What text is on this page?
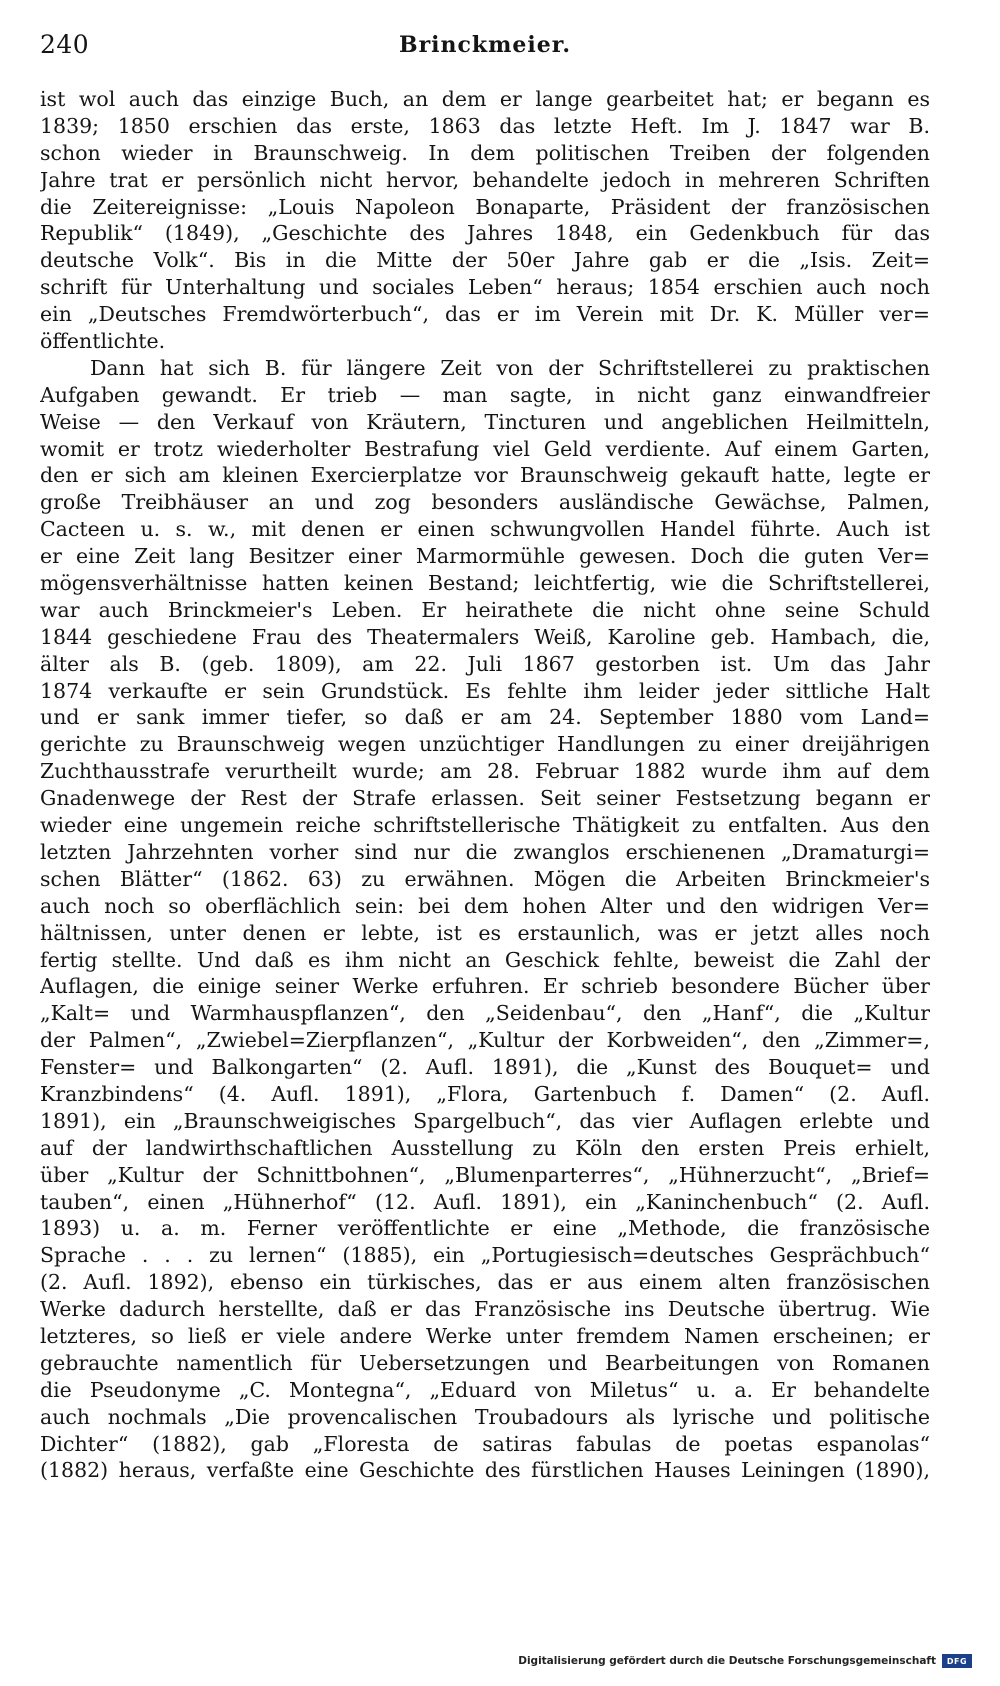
240	Brinckmeier.
ist wol auch das einzige Buch, an dem er lange gearbeitet hat; er begann es
1839; 1850 erschien das erste, 1863 das letzte Heft. Im J. 1847 war B.
schon wieder in Braunschweig. In dem politischen Treiben der folgenden
Jahre trat er persönlich nicht hervor, behandelte jedoch in mehreren Schriften
die Zeitereignisse: „Louis Napoleon Bonaparte, Präsident der französischen
Republik“ (1849), „Geschichte des Jahres 1848, ein Gedenkbuch für das
deutsche Volk“. Bis in die Mitte der 50er Jahre gab er die „Isis. Zeit=
schrift für Unterhaltung und sociales Leben“ heraus; 1854 erschien auch noch
ein „Deutsches Fremdwörterbuch“, das er im Verein mit Dr. K. Müller ver=
öffentlichte.
Dann hat sich B. für längere Zeit von der Schriftstellerei zu praktischen
Aufgaben gewandt. Er trieb — man sagte, in nicht ganz einwandfreier
Weise — den Verkauf von Kräutern, Tincturen und angeblichen Heilmitteln,
womit er trotz wiederholter Bestrafung viel Geld verdiente. Auf einem Garten,
den er sich am kleinen Exercierplatze vor Braunschweig gekauft hatte, legte er
große Treibhäuser an und zog besonders ausländische Gewächse, Palmen,
Cacteen u. s. w., mit denen er einen schwungvollen Handel führte. Auch ist
er eine Zeit lang Besitzer einer Marmormühle gewesen. Doch die guten Ver=
mögensverhältnisse hatten keinen Bestand; leichtfertig, wie die Schriftstellerei,
war auch Brinckmeier's Leben. Er heirathete die nicht ohne seine Schuld
1844 geschiedene Frau des Theatermalers Weiß, Karoline geb. Hambach, die,
älter als B. (geb. 1809), am 22. Juli 1867 gestorben ist. Um das Jahr
1874 verkaufte er sein Grundstück. Es fehlte ihm leider jeder sittliche Halt
und er sank immer tiefer, so daß er am 24. September 1880 vom Land=
gerichte zu Braunschweig wegen unzüchtiger Handlungen zu einer dreijährigen
Zuchthausstrafe verurtheilt wurde; am 28. Februar 1882 wurde ihm auf dem
Gnadenwege der Rest der Strafe erlassen. Seit seiner Festsetzung begann er
wieder eine ungemein reiche schriftstellerische Thätigkeit zu entfalten. Aus den
letzten Jahrzehnten vorher sind nur die zwanglos erschienenen „Dramaturgi=
schen Blätter“ (1862. 63) zu erwähnen. Mögen die Arbeiten Brinckmeier's
auch noch so oberflächlich sein: bei dem hohen Alter und den widrigen Ver=
hältnissen, unter denen er lebte, ist es erstaunlich, was er jetzt alles noch
fertig stellte. Und daß es ihm nicht an Geschick fehlte, beweist die Zahl der
Auflagen, die einige seiner Werke erfuhren. Er schrieb besondere Bücher über
„Kalt= und Warmhauspflanzen“, den „Seidenbau“, den „Hanf“, die „Kultur
der Palmen“, „Zwiebel=Zierpflanzen“, „Kultur der Korbweiden“, den „Zimmer=,
Fenster= und Balkongarten“ (2. Aufl. 1891), die „Kunst des Bouquet= und
Kranzbindens“ (4. Aufl. 1891), „Flora, Gartenbuch f. Damen“ (2. Aufl.
1891), ein „Braunschweigisches Spargelbuch“, das vier Auflagen erlebte und
auf der landwirthschaftlichen Ausstellung zu Köln den ersten Preis erhielt,
über „Kultur der Schnittbohnen“, „Blumenparterres“, „Hühnerzucht“, „Brief=
tauben“, einen „Hühnerhof“ (12. Aufl. 1891), ein „Kaninchenbuch“ (2. Aufl.
1893) u. a. m. Ferner veröffentlichte er eine „Methode, die französische
Sprache . . . zu lernen“ (1885), ein „Portugiesisch=deutsches Gesprächbuch“
(2. Aufl. 1892), ebenso ein türkisches, das er aus einem alten französischen
Werke dadurch herstellte, daß er das Französische ins Deutsche übertrug. Wie
letzteres, so ließ er viele andere Werke unter fremdem Namen erscheinen; er
gebrauchte namentlich für Uebersetzungen und Bearbeitungen von Romanen
die Pseudonyme „C. Montegna“, „Eduard von Miletus“ u. a. Er behandelte
auch nochmals „Die provencalischen Troubadours als lyrische und politische
Dichter“ (1882), gab „Floresta de satiras fabulas de poetas espanolas“
(1882) heraus, verfaßte eine Geschichte des fürstlichen Hauses Leiningen (1890),
Digitalisierung gefördert durch die Deutsche Forschungsgemeinschaft	DFG
